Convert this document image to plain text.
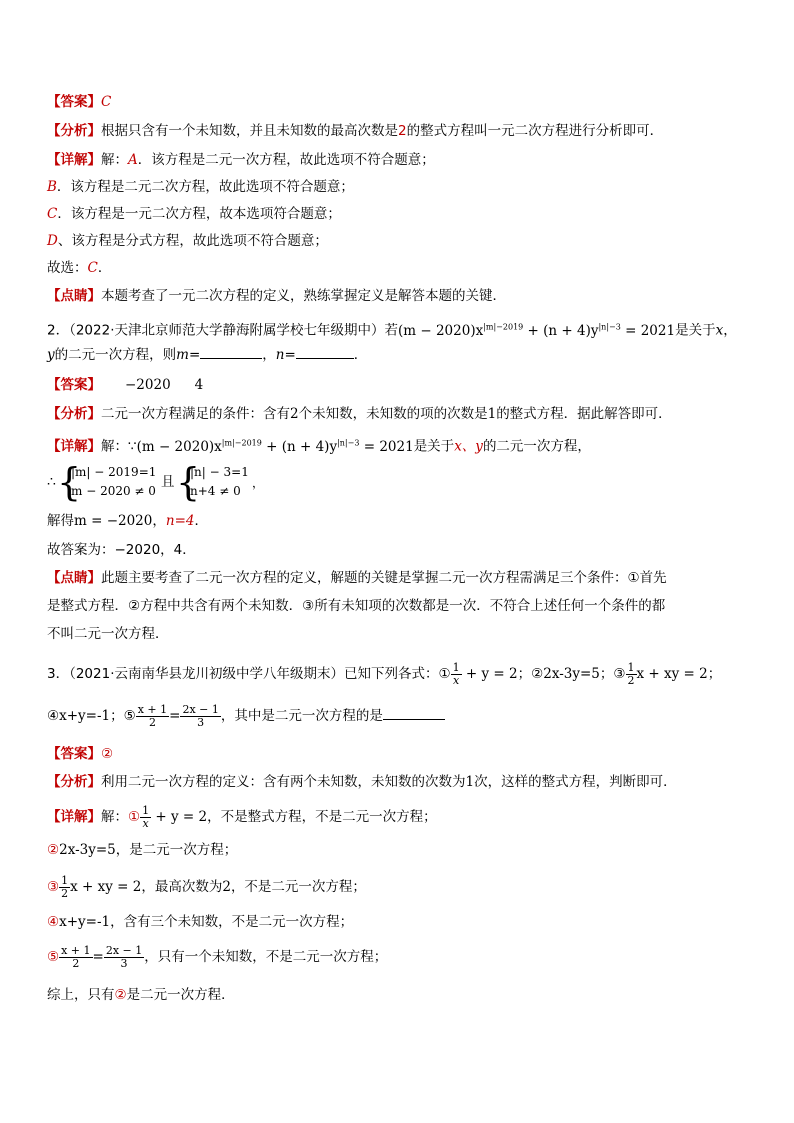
【答案】C
【分析】根据只含有一个未知数，并且未知数的最高次数是2的整式方程叫一元二次方程进行分析即可．
【详解】解：A．该方程是二元一次方程，故此选项不符合题意；
B．该方程是二元二次方程，故此选项不符合题意；
C．该方程是一元二次方程，故本选项符合题意；
D、该方程是分式方程，故此选项不符合题意；
故选：C．
【点睛】本题考查了一元二次方程的定义，熟练掌握定义是解答本题的关键．
2．（2022·天津北京师范大学静海附属学校七年级期中）若$(m - 2020)x^{|m|-2019} + (n + 4)y^{|n|-3} = 2021$是关于x，
y的二元一次方程，则m=	，n=	．
【答案】 −2020 4
【分析】二元一次方程满足的条件：含有2个未知数，未知数的项的次数是1的整式方程．据此解答即可．
【详解】解：∵(m − $2020)x^{|m|-2019} + (n + 4)y^{|n|-3} = 2021$是关于x、y的二元一次方程，
∴ {
|m| − 2019=1
m − 2020 ≠ 0
且 {
|n| − 3=1
n+4 ≠ 0
，
解得m = −2020，n=4．
故答案为：−2020，4．
【点睛】此题主要考查了二元一次方程的定义，解题的关键是掌握二元一次方程需满足三个条件：①首先
是整式方程．②方程中共含有两个未知数．③所有未知项的次数都是一次．不符合上述任何一个条件的都
不叫二元一次方程．
3．（2021·云南南华县龙川初级中学八年级期末）已知下列各式：① $\frac{1}{x} + y = 2$；②2x-3y=5；③ $\frac{1}{2}$ x + xy = 2；
④x+y=-1；⑤ $\frac{x + 1}{2} = \frac{2x - 1}{3}$ ，其中是二元一次方程的是
【答案】②
【分析】利用二元一次方程的定义：含有两个未知数，未知数的次数为1次，这样的整式方程，判断即可．
【详解】解：① $\frac{1}{x} + y = 2$，不是整式方程，不是二元一次方程；
②2x-3y=5，是二元一次方程；
③ $\frac{1}{2}$ x + xy = 2，最高次数为2，不是二元一次方程；
④x+y=-1，含有三个未知数，不是二元一次方程；
⑤ $\frac{x + 1}{2} = \frac{2x - 1}{3}$ ，只有一个未知数，不是二元一次方程；
综上，只有②是二元一次方程．
